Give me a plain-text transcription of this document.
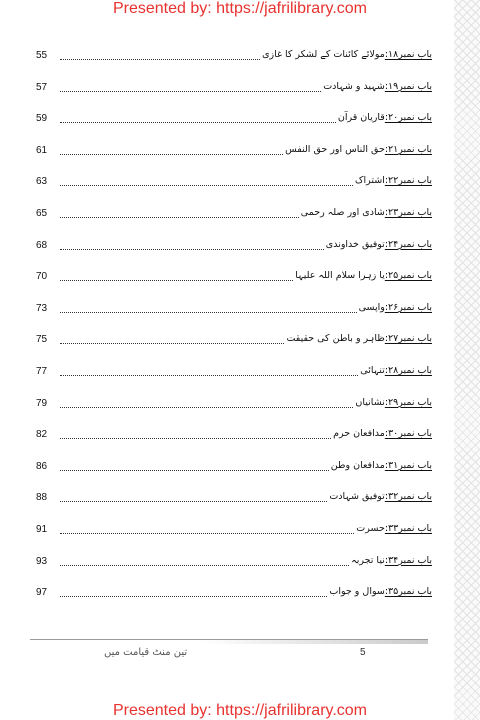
Presented by: https://jafrilibrary.com
55	باب نمبر۱۸:مولائے کائنات کے لشکر کا غازی
57	باب نمبر۱۹:شہید و شہادت
59	باب نمبر۲۰:قاریان قرآن
61	باب نمبر۲۱:حق الناس اور حق النفس
63	باب نمبر۲۲:اشتراک
65	باب نمبر۲۳:شادی اور صلہ رحمی
68	باب نمبر۲۴:توفیق خداوندی
70	باب نمبر۲۵:یا زہرا سلام اللہ علیہا
73	باب نمبر۲۶:واپسی
75	باب نمبر۲۷:ظاہر و باطن کی حقیقت
77	باب نمبر۲۸:تنہائی
79	باب نمبر۲۹:نشانیاں
82	باب نمبر۳۰:مدافعان حرم
86	باب نمبر۳۱:مدافعان وطن
88	باب نمبر۳۲:توفیق شہادت
91	باب نمبر۳۳:حسرت
93	باب نمبر۳۴:نیا تجربہ
97	باب نمبر۳۵:سوال و جواب
تین منٹ قیامت میں	5
Presented by: https://jafrilibrary.com
